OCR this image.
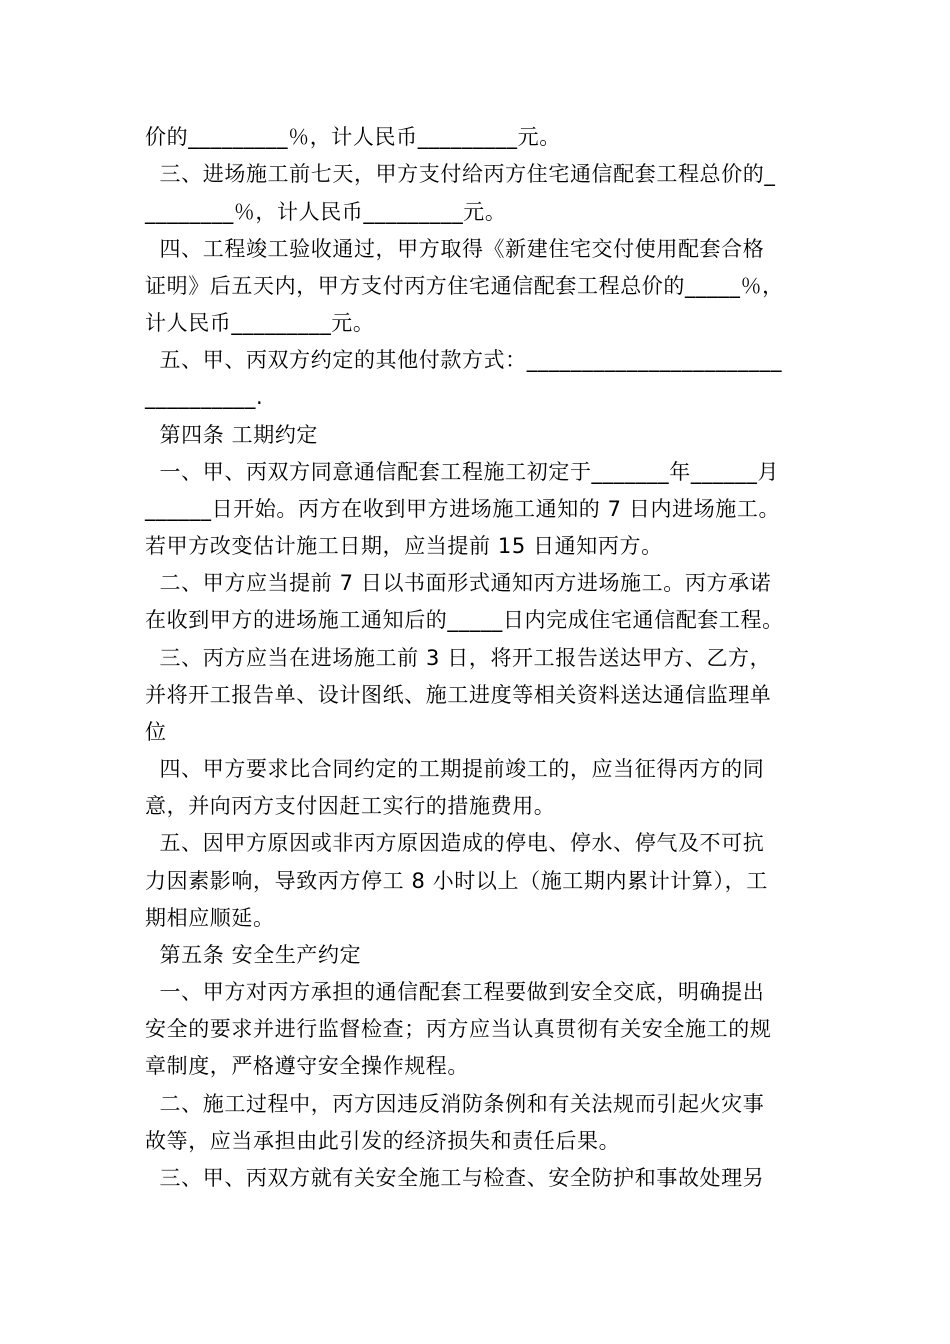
价的_________％，计人民币_________元。
三、进场施工前七天，甲方支付给丙方住宅通信配套工程总价的_
________％，计人民币_________元。
四、工程竣工验收通过，甲方取得《新建住宅交付使用配套合格
证明》后五天内，甲方支付丙方住宅通信配套工程总价的_____％，
计人民币_________元。
五、甲、丙双方约定的其他付款方式：_______________________
__________.
第四条 工期约定
一、甲、丙双方同意通信配套工程施工初定于_______年______月
______日开始。丙方在收到甲方进场施工通知的 7 日内进场施工。
若甲方改变估计施工日期，应当提前 15 日通知丙方。
二、甲方应当提前 7 日以书面形式通知丙方进场施工。丙方承诺
在收到甲方的进场施工通知后的_____日内完成住宅通信配套工程。
三、丙方应当在进场施工前 3 日，将开工报告送达甲方、乙方，
并将开工报告单、设计图纸、施工进度等相关资料送达通信监理单
位
四、甲方要求比合同约定的工期提前竣工的，应当征得丙方的同
意，并向丙方支付因赶工实行的措施费用。
五、因甲方原因或非丙方原因造成的停电、停水、停气及不可抗
力因素影响，导致丙方停工 8 小时以上（施工期内累计计算），工
期相应顺延。
第五条 安全生产约定
一、甲方对丙方承担的通信配套工程要做到安全交底，明确提出
安全的要求并进行监督检查；丙方应当认真贯彻有关安全施工的规
章制度，严格遵守安全操作规程。
二、施工过程中，丙方因违反消防条例和有关法规而引起火灾事
故等，应当承担由此引发的经济损失和责任后果。
三、甲、丙双方就有关安全施工与检查、安全防护和事故处理另
